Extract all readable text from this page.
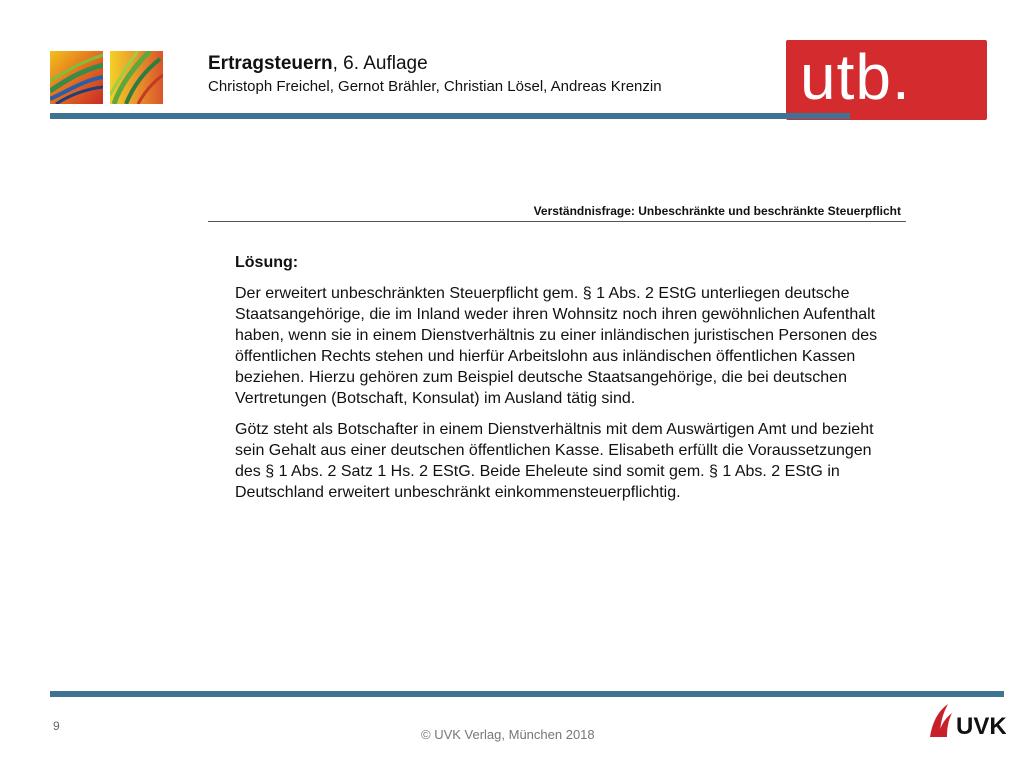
Ertragsteuern, 6. Auflage
Christoph Freichel, Gernot Brähler, Christian Lösel, Andreas Krenzin utb.
Verständnisfrage: Unbeschränkte und beschränkte Steuerpflicht

Lösung:

Der erweitert unbeschränkten Steuerpflicht gem. § 1 Abs. 2 EStG unterliegen deutsche Staatsangehörige, die im Inland weder ihren Wohnsitz noch ihren gewöhnlichen Aufenthalt haben, wenn sie in einem Dienstverhältnis zu einer inländischen juristischen Personen des öffentlichen Rechts stehen und hierfür Arbeitslohn aus inländischen öffentlichen Kassen beziehen. Hierzu gehören zum Beispiel deutsche Staatsangehörige, die bei deutschen Vertretungen (Botschaft, Konsulat) im Ausland tätig sind.

Götz steht als Botschafter in einem Dienstverhältnis mit dem Auswärtigen Amt und bezieht sein Gehalt aus einer deutschen öffentlichen Kasse. Elisabeth erfüllt die Voraussetzungen des § 1 Abs. 2 Satz 1 Hs. 2 EStG. Beide Eheleute sind somit gem. § 1 Abs. 2 EStG in Deutschland erweitert unbeschränkt einkommensteuerpflichtig.

9
© UVK Verlag, München 2018	UVK
